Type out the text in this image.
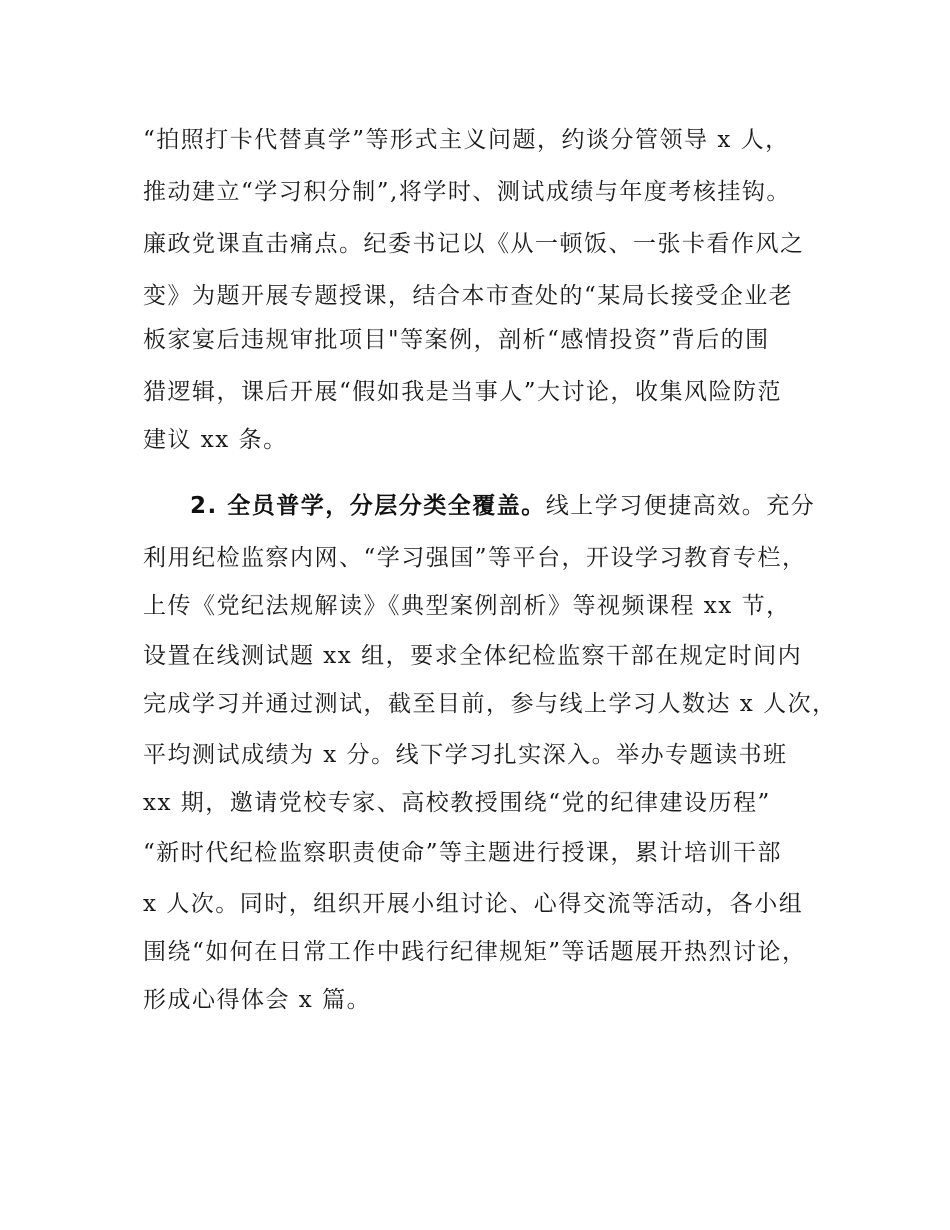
“拍照打卡代替真学”等形式主义问题，约谈分管领导 x 人，
推动建立“学习积分制”,将学时、测试成绩与年度考核挂钩。
廉政党课直击痛点。纪委书记以《从一顿饭、一张卡看作风之
变》为题开展专题授课，结合本市查处的“某局长接受企业老
板家宴后违规审批项目"等案例，剖析“感情投资”背后的围
猎逻辑，课后开展“假如我是当事人”大讨论，收集风险防范
建议 xx 条。
2. 全员普学，分层分类全覆盖。线上学习便捷高效。充分
利用纪检监察内网、“学习强国”等平台，开设学习教育专栏，
上传《党纪法规解读》《典型案例剖析》等视频课程 xx 节，
设置在线测试题 xx 组，要求全体纪检监察干部在规定时间内
完成学习并通过测试，截至目前，参与线上学习人数达 x 人次，
平均测试成绩为 x 分。线下学习扎实深入。举办专题读书班
xx 期，邀请党校专家、高校教授围绕“党的纪律建设历程”
“新时代纪检监察职责使命”等主题进行授课，累计培训干部
x 人次。同时，组织开展小组讨论、心得交流等活动，各小组
围绕“如何在日常工作中践行纪律规矩”等话题展开热烈讨论，
形成心得体会 x 篇。
